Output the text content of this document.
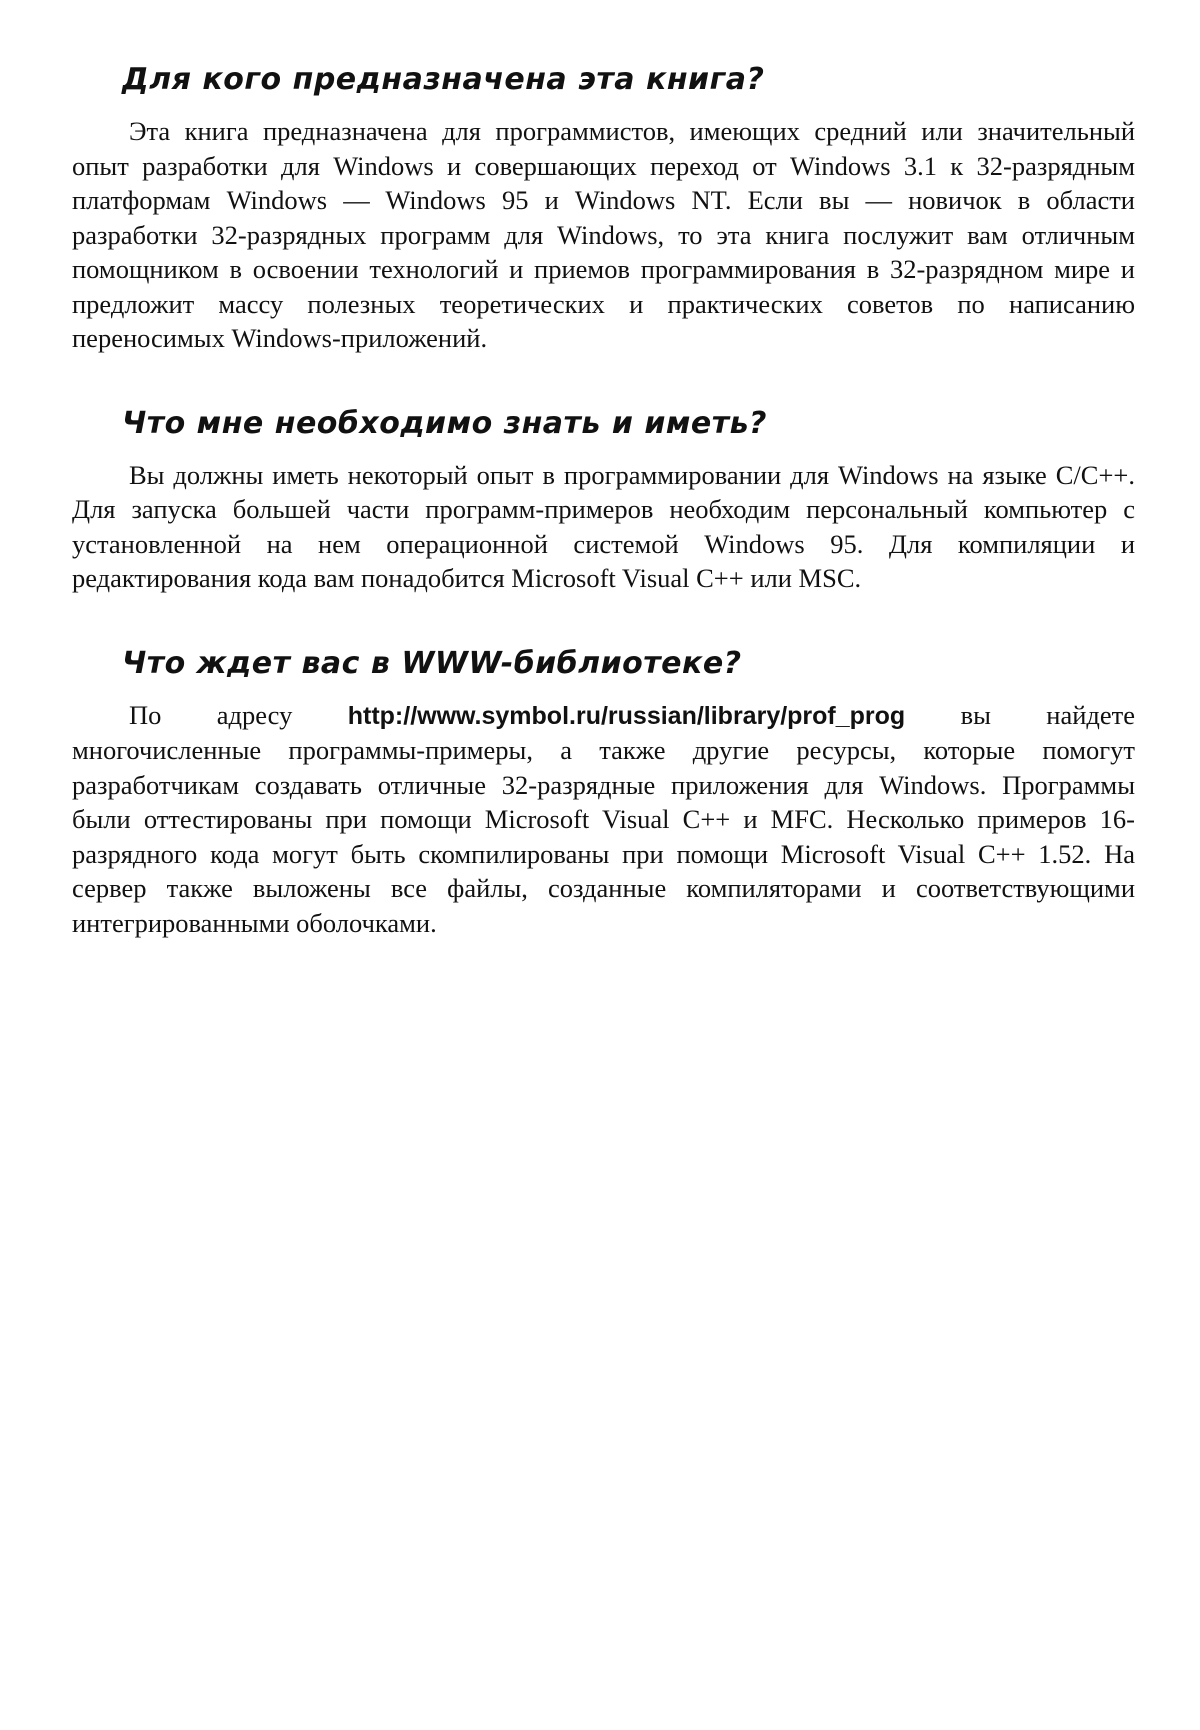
Для кого предназначена эта книга?

Эта книга предназначена для программистов, имеющих средний или значительный опыт разработки для Windows и совершающих переход от Windows 3.1 к 32-разрядным платформам Windows — Windows 95 и Windows NT. Если вы — новичок в области разработки 32-разрядных программ для Windows, то эта книга послужит вам отличным помощником в освоении технологий и приемов программирования в 32-разрядном мире и предложит массу полезных теоретических и практических советов по написанию переносимых Windows-приложений.

Что мне необходимо знать и иметь?

Вы должны иметь некоторый опыт в программировании для Windows на языке C/C++. Для запуска большей части программ-примеров необходим персональный компьютер с установленной на нем операционной системой Windows 95. Для компиляции и редактирования кода вам понадобится Microsoft Visual C++ или MSC.

Что ждет вас в WWW-библиотеке?

По адресу http://www.symbol.ru/russian/library/prof_prog вы найдете многочисленные программы-примеры, а также другие ресурсы, которые помогут разработчикам создавать отличные 32-разрядные приложения для Windows. Программы были оттестированы при помощи Microsoft Visual C++ и MFC. Несколько примеров 16-разрядного кода могут быть скомпилированы при помощи Microsoft Visual C++ 1.52. На сервер также выложены все файлы, созданные компиляторами и соответствующими интегрированными оболочками.
